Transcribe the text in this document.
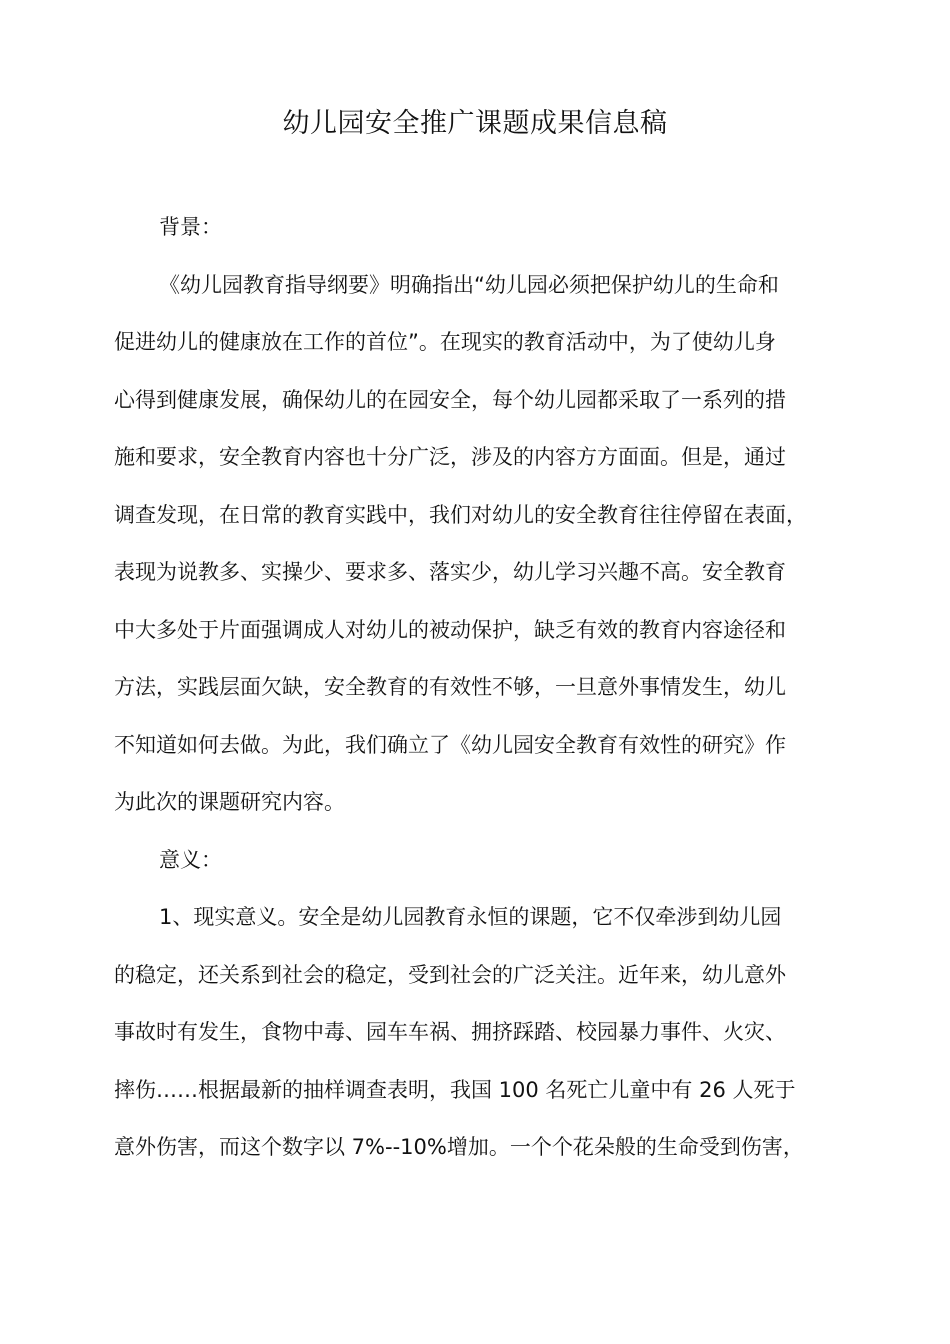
幼儿园安全推广课题成果信息稿
背景：
《幼儿园教育指导纲要》明确指出“幼儿园必须把保护幼儿的生命和
促进幼儿的健康放在工作的首位”。在现实的教育活动中，为了使幼儿身
心得到健康发展，确保幼儿的在园安全，每个幼儿园都采取了一系列的措
施和要求，安全教育内容也十分广泛，涉及的内容方方面面。但是，通过
调查发现，在日常的教育实践中，我们对幼儿的安全教育往往停留在表面，
表现为说教多、实操少、要求多、落实少，幼儿学习兴趣不高。安全教育
中大多处于片面强调成人对幼儿的被动保护，缺乏有效的教育内容途径和
方法，实践层面欠缺，安全教育的有效性不够，一旦意外事情发生，幼儿
不知道如何去做。为此，我们确立了《幼儿园安全教育有效性的研究》作
为此次的课题研究内容。
意义：
1、现实意义。安全是幼儿园教育永恒的课题，它不仅牵涉到幼儿园
的稳定，还关系到社会的稳定，受到社会的广泛关注。近年来，幼儿意外
事故时有发生，食物中毒、园车车祸、拥挤踩踏、校园暴力事件、火灾、
摔伤……根据最新的抽样调查表明，我国 100 名死亡儿童中有 26 人死于
意外伤害，而这个数字以 7%--10%增加。一个个花朵般的生命受到伤害，
